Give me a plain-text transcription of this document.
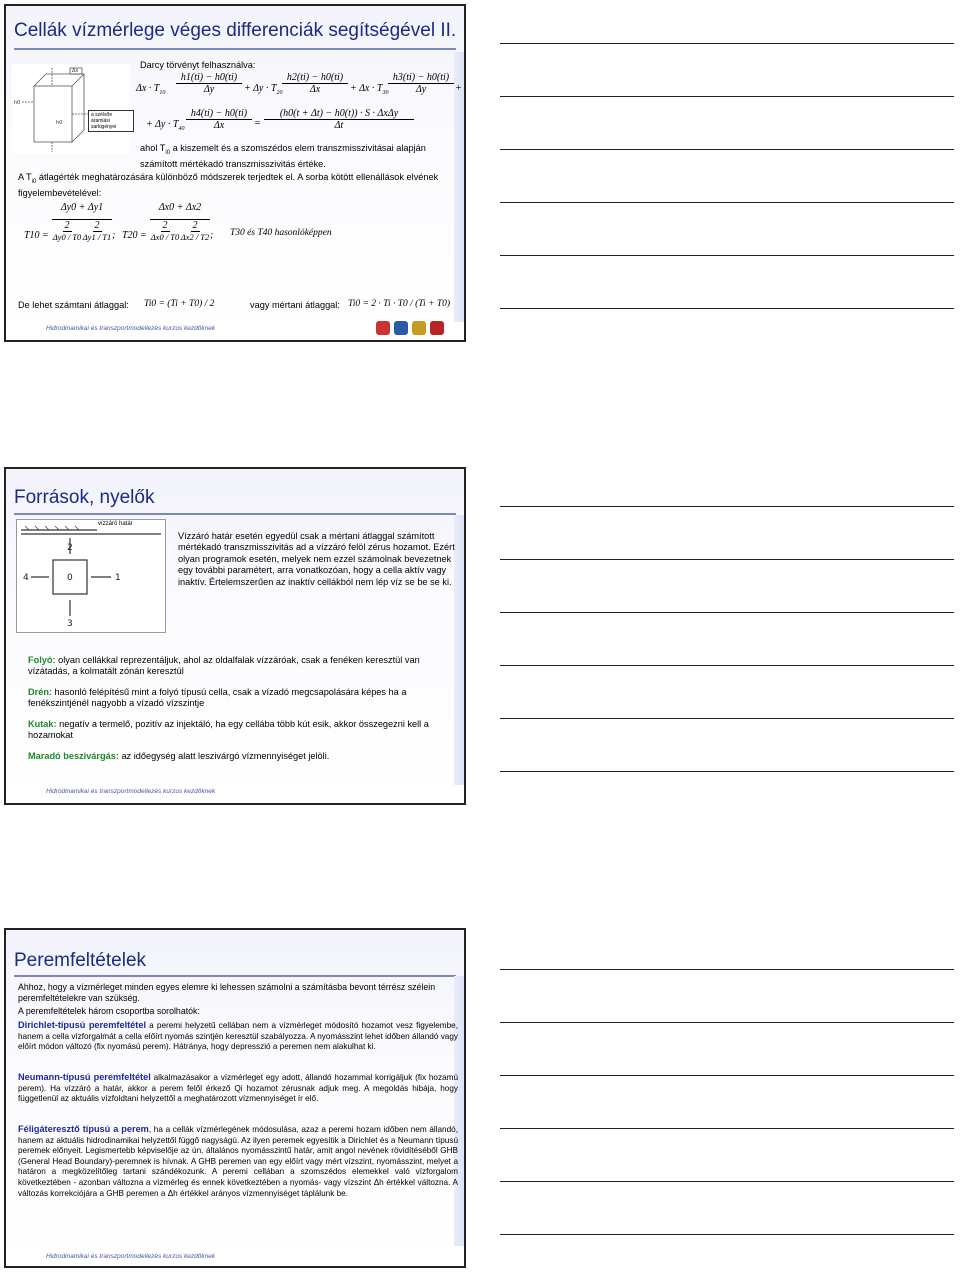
Cellák vízmérlege véges differenciák segítségével II.
h0
h0
Δx
a szélsőe áramlási sarkigényei
Darcy törvényt felhasználva:
$\Delta x \cdot T_{10} \frac{h1(ti) - h0(ti)}{\Delta y} + \Delta y \cdot T_{20} \frac{h2(ti) - h0(ti)}{\Delta x} + \Delta x \cdot T_{30} \frac{h3(ti) - h0(ti)}{\Delta y}$ +
+ $\Delta y \cdot T_{40} \frac{h4(ti) - h0(ti)}{\Delta x}$ =
(h0(t + Δt) − h0(t)) · S · ΔxΔy
Δt
ahol $T_{i0}$ a kiszemelt és a szomszédos elem transzmisszivitásai alapján számított mértékadó transzmisszivitás értéke.
A $T_{i0}$ átlagérték meghatározására különböző módszerek terjedtek el. A sorba kötött ellenállások elvének figyelembevételével:
T10 =
Δy0 + Δy1
2	2
Δy0 / T0 Δy1 / T1 ; T20 =
Δx0 + Δx2
2	2
Δx0 / T0 Δx2 / T2 ; T30 és T40 hasonlóképpen
De lehet számtani átlaggal: Ti0 = (Ti + T0) / 2	vagy mértani átlaggal: Ti0 = 2 · Ti · T0 / (Ti + T0)
Hidrodinamikai és transzportmodellezés kurzus kezdőknek
Források, nyelők
0
2
3
4	1
vízzáró határ
Vízzáró határ esetén egyedül csak a mértani átlaggal számított mértékadó transzmisszivitás ad a vízzáró felöl zérus hozamot. Ezért olyan programok esetén, melyek nem ezzel számolnak bevezetnek egy további paramétert, arra vonatkozóan, hogy a cella aktív vagy inaktív. Értelemszerűen az inaktív cellákból nem lép víz se be se ki.
Folyó: olyan cellákkal reprezentáljuk, ahol az oldalfalak vízzáróak, csak a fenéken keresztül van vízátadás, a kolmatált zónán keresztül
Drén: hasonló felépítésű mint a folyó típusú cella, csak a vízadó megcsapolására képes ha a fenékszintjénél nagyobb a vízadó vízszintje
Kutak: negatív a termelő, pozitív az injektáló, ha egy cellába több kút esik, akkor összegezni kell a hozamokat
Maradó beszivárgás: az időegység alatt leszivárgó vízmennyiséget jelöli.
Hidrodinamikai és transzportmodellezés kurzus kezdőknek
Peremfeltételek
Ahhoz, hogy a vízmérleget minden egyes elemre ki lehessen számolni a számításba bevont térrész szélein peremfeltételekre van szükség.
A peremfeltételek három csoportba sorolhatók:
Dirichlet-típusú peremfeltétel a peremi helyzetű cellában nem a vízmérleget módosító hozamot vesz figyelembe, hanem a cella vízforgalmát a cella előírt nyomás szintjén keresztül szabályozza. A nyomásszint lehet időben állandó vagy előírt módon változó (fix nyomású perem). Hátránya, hogy depresszió a peremen nem alakulhat ki.
Neumann-típusú peremfeltétel alkalmazásakor a vízmérleget egy adott, állandó hozammal korrigáljuk (fix hozamú perem). Ha vízzáró a határ, akkor a perem felől érkező Qi hozamot zérusnak adjuk meg. A megoldás hibája, hogy függetlenül az aktuális vízfoldtani helyzettől a meghatározott vízmennyiséget ír elő.
Féligáteresztő típusú a perem, ha a cellák vízmérlegének módosulása, azaz a peremi hozam időben nem állandó, hanem az aktuális hidrodinamikai helyzettől függő nagyságú. Az ilyen peremek egyesítik a Dirichlet és a Neumann típusú peremek előnyeit. Legismertebb képviselője az ún. általános nyomásszintű határ, amit angol nevének rövidítéséből GHB (General Head Boundary)-peremnek is hívnak. A GHB peremen van egy előírt vagy mért vízszint, nyomásszint, melyet a határon a megközelítőleg tartani szándékozunk. A peremi cellában a szomszédos elemekkel való vízforgalom következtében - azonban változna a vízmérleg és ennek következtében a nyomás- vagy vízszint Δh értékkel változna. A változás korrekciójára a GHB peremen a Δh értékkel arányos vízmennyiséget táplálunk be.
Hidrodinamikai és transzportmodellezés kurzus kezdőknek
